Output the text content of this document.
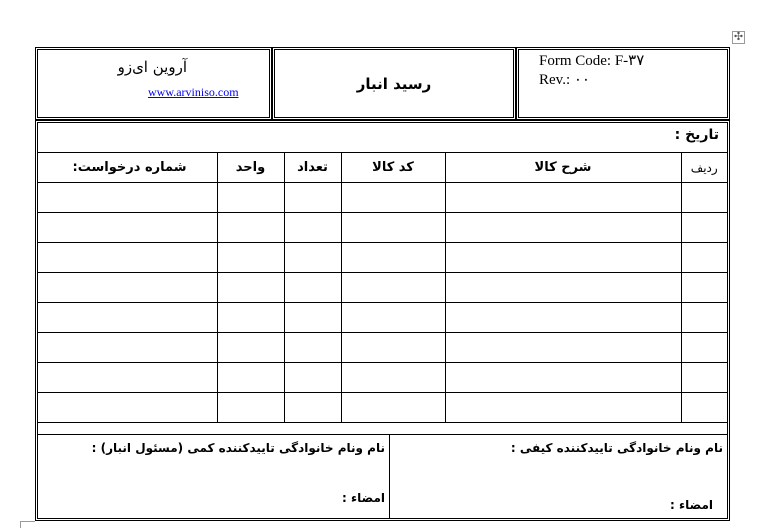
✣
آروین ای‌زو
www.arviniso.com	رسید انبار
Form Code: F-۳۷
Rev.: ۰۰
تاریخ :
شماره درخواست:	واحد	تعداد	کد کالا	شرح کالا	ردیف

نام ونام خانوادگی تاییدکننده کیفی :
امضاء :
نام ونام خانوادگی تاییدکننده کمی (مسئول انبار) :
امضاء :
